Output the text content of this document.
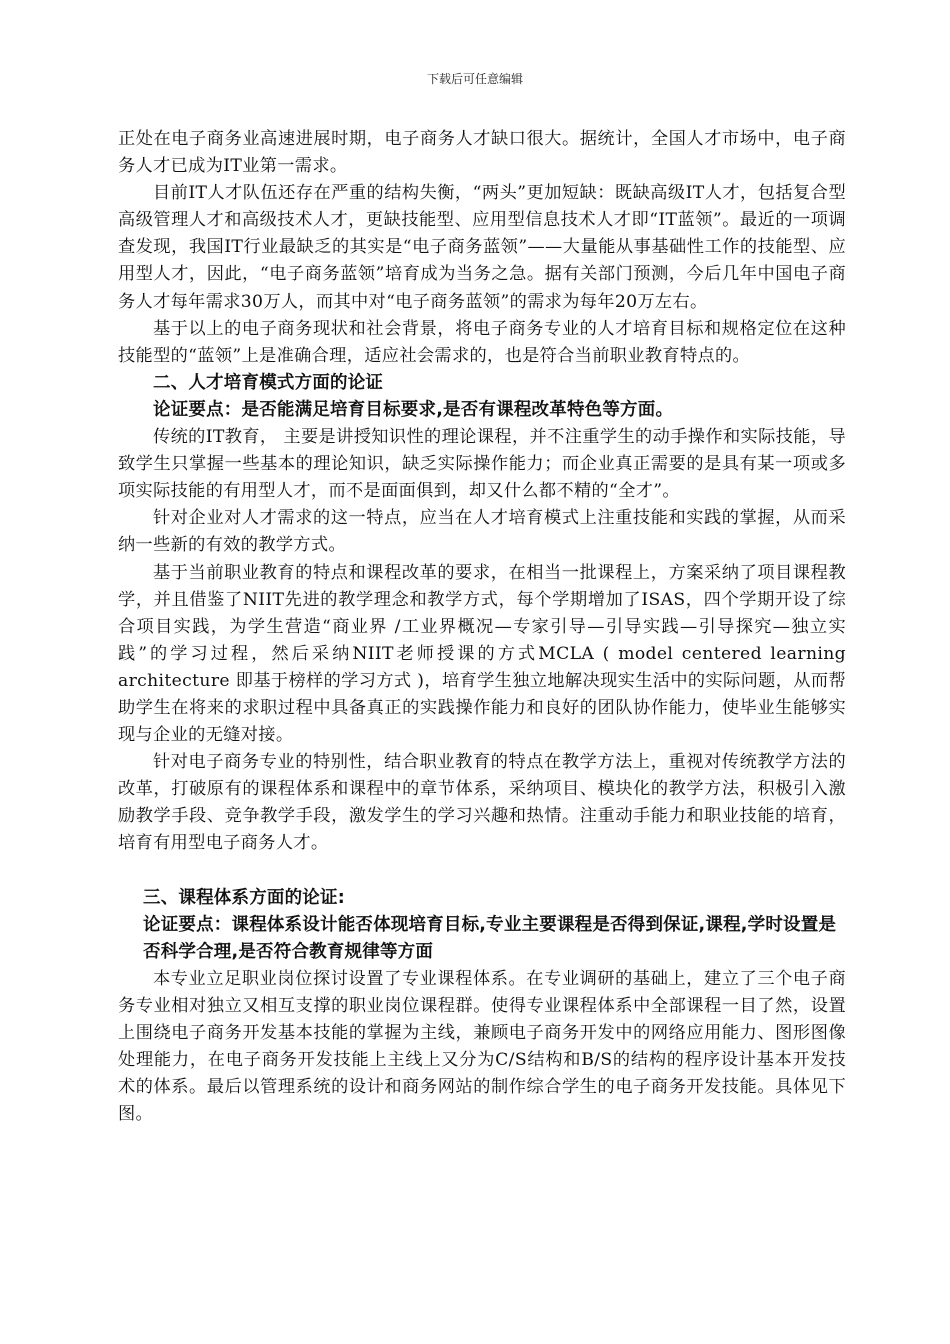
下载后可任意编辑

正处在电子商务业高速进展时期，电子商务人才缺口很大。据统计，全国人才市场中，电子商务人才已成为IT业第一需求。

目前IT人才队伍还存在严重的结构失衡，“两头”更加短缺：既缺高级IT人才，包括复合型高级管理人才和高级技术人才，更缺技能型、应用型信息技术人才即“IT蓝领”。最近的一项调查发现，我国IT行业最缺乏的其实是“电子商务蓝领”——大量能从事基础性工作的技能型、应用型人才，因此，“电子商务蓝领”培育成为当务之急。据有关部门预测，今后几年中国电子商务人才每年需求30万人，而其中对“电子商务蓝领”的需求为每年20万左右。

基于以上的电子商务现状和社会背景，将电子商务专业的人才培育目标和规格定位在这种技能型的“蓝领”上是准确合理，适应社会需求的，也是符合当前职业教育特点的。

二、人才培育模式方面的论证

论证要点：是否能满足培育目标要求,是否有课程改革特色等方面。

传统的IT教育， 主要是讲授知识性的理论课程，并不注重学生的动手操作和实际技能，导致学生只掌握一些基本的理论知识，缺乏实际操作能力；而企业真正需要的是具有某一项或多项实际技能的有用型人才，而不是面面俱到，却又什么都不精的“全才”。

针对企业对人才需求的这一特点，应当在人才培育模式上注重技能和实践的掌握，从而采纳一些新的有效的教学方式。

基于当前职业教育的特点和课程改革的要求，在相当一批课程上，方案采纳了项目课程教学，并且借鉴了NIIT先进的教学理念和教学方式，每个学期增加了ISAS，四个学期开设了综合项目实践，为学生营造“商业界 /工业界概况—专家引导—引导实践—引导探究—独立实践”的学习过程，然后采纳NIIT老师授课的方式MCLA ( model centered learning architecture 即基于榜样的学习方式 )，培育学生独立地解决现实生活中的实际问题，从而帮助学生在将来的求职过程中具备真正的实践操作能力和良好的团队协作能力，使毕业生能够实现与企业的无缝对接。

针对电子商务专业的特别性，结合职业教育的特点在教学方法上，重视对传统教学方法的改革，打破原有的课程体系和课程中的章节体系，采纳项目、模块化的教学方法，积极引入激励教学手段、竞争教学手段，激发学生的学习兴趣和热情。注重动手能力和职业技能的培育，培育有用型电子商务人才。

三、课程体系方面的论证:

论证要点：课程体系设计能否体现培育目标,专业主要课程是否得到保证,课程,学时设置是否科学合理,是否符合教育规律等方面

本专业立足职业岗位探讨设置了专业课程体系。在专业调研的基础上，建立了三个电子商务专业相对独立又相互支撑的职业岗位课程群。使得专业课程体系中全部课程一目了然，设置上围绕电子商务开发基本技能的掌握为主线，兼顾电子商务开发中的网络应用能力、图形图像处理能力，在电子商务开发技能上主线上又分为C/S结构和B/S的结构的程序设计基本开发技术的体系。最后以管理系统的设计和商务网站的制作综合学生的电子商务开发技能。具体见下图。
